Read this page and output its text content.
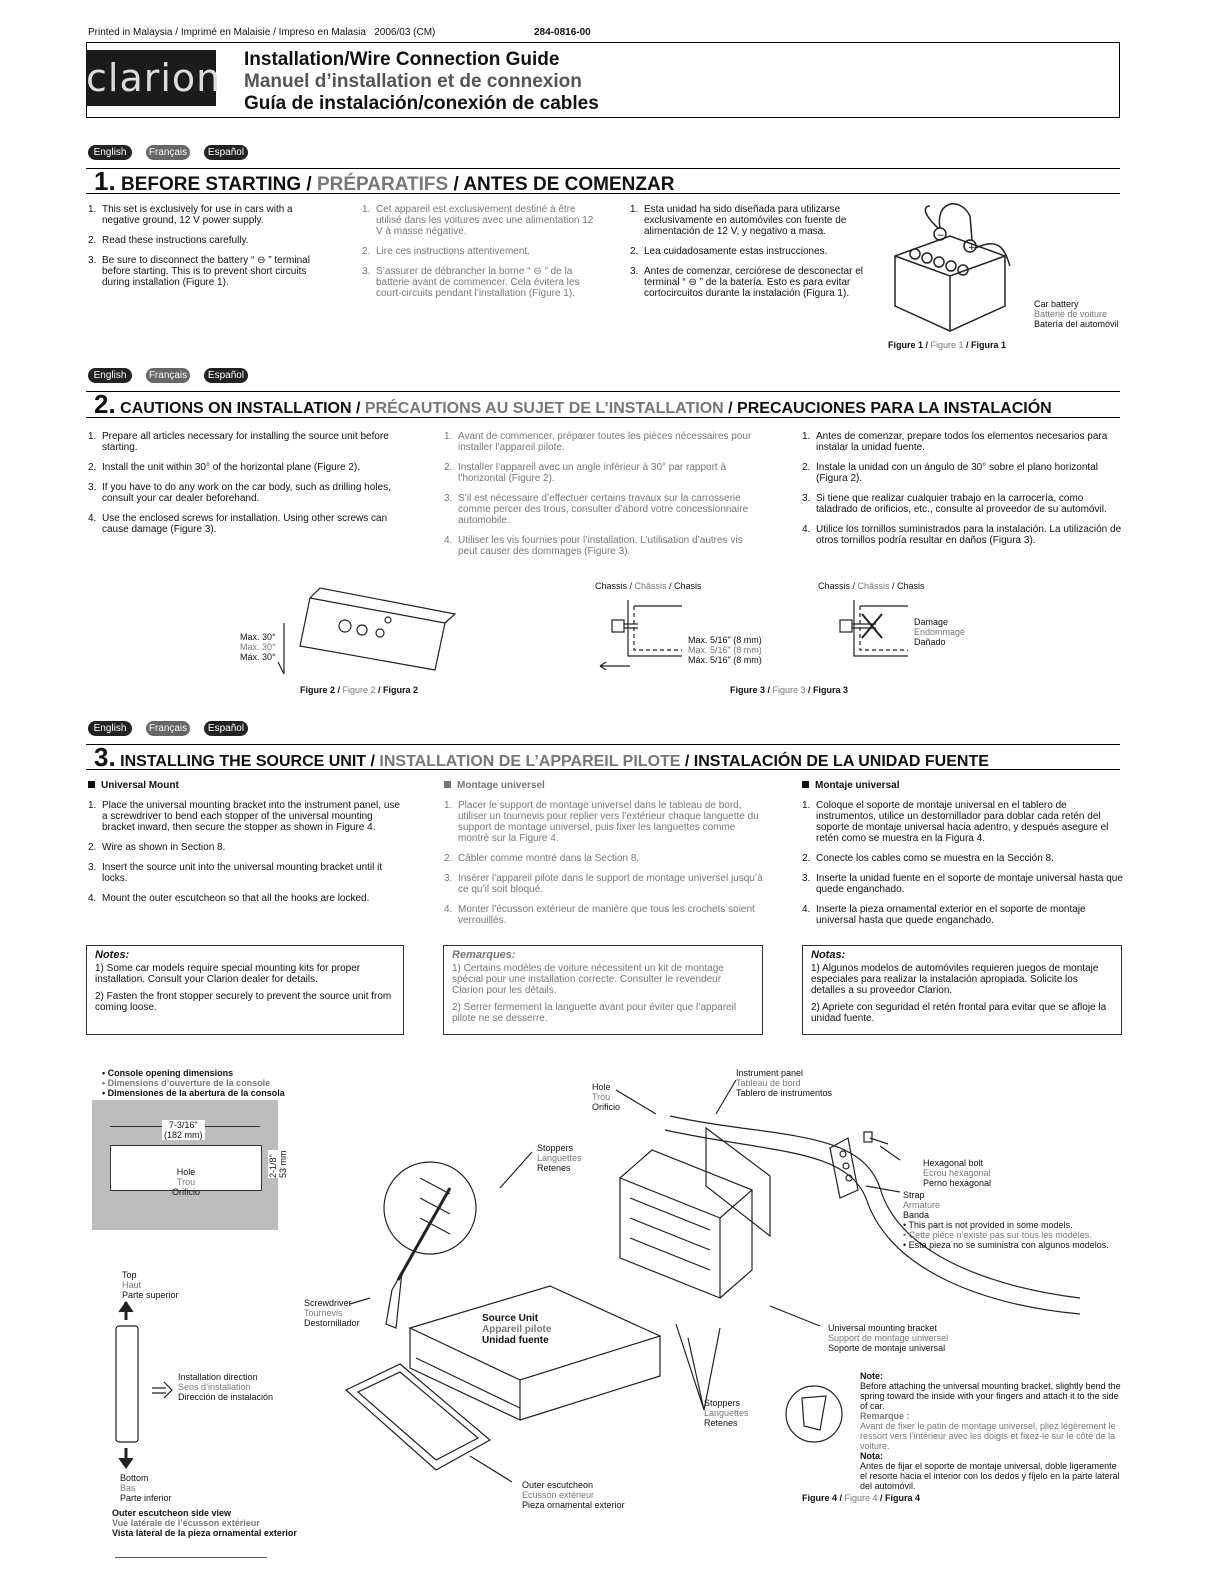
Printed in Malaysia / Imprimé en Malaisie / Impreso en Malasia 2006/03 (CM)	284-0816-00
clarion Installation/Wire Connection Guide
Manuel d’installation et de connexion
Guía de instalación/conexión de cables
English	Français	Español
1. BEFORE STARTING / PRÉPARATIFS / ANTES DE COMENZAR
1. This set is exclusively for use in cars with a negative ground, 12 V power supply.
2. Read these instructions carefully.
3. Be sure to disconnect the battery “ ⊖ ” terminal before starting. This is to prevent short circuits during installation (Figure 1).
1. Cet appareil est exclusivement destiné à être utilisé dans les voitures avec une alimentation 12 V à masse négative.
2. Lire ces instructions attentivement.
3. S’assurer de débrancher la borne “ ⊖ ” de la batterie avant de commencer. Cela évitera les court-circuits pendant l’installation (Figure 1).
1. Esta unidad ha sido diseñada para utilizarse exclusivamente en automóviles con fuente de alimentación de 12 V, y negativo a masa.
2. Lea cuidadosamente estas instrucciones.
3. Antes de comenzar, cerciórese de desconectar el terminal “ ⊖ ” de la batería. Esto es para evitar cortocircuitos durante la instalación (Figura 1).
+
−
Car battery
Batterie de voiture
Batería del automóvil
Figure 1 / Figure 1 / Figura 1
English	Français	Español
2. CAUTIONS ON INSTALLATION / PRÉCAUTIONS AU SUJET DE L’INSTALLATION / PRECAUCIONES PARA LA INSTALACIÓN
1. Prepare all articles necessary for installing the source unit before starting.
2. Install the unit within 30° of the horizontal plane (Figure 2).
3. If you have to do any work on the car body, such as drilling holes, consult your car dealer beforehand.
4. Use the enclosed screws for installation. Using other screws can cause damage (Figure 3).
1. Avant de commencer, préparer toutes les pièces nécessaires pour installer l’appareil pilote.
2. Installer l’appareil avec un angle inférieur à 30° par rapport à l’horizontal (Figure 2).
3. S’il est nécessaire d’effectuer certains travaux sur la carrosserie comme percer des trous, consulter d’abord votre concessionnaire automobile.
4. Utiliser les vis fournies pour l’installation. L’utilisation d’autres vis peut causer des dommages (Figure 3).
1. Antes de comenzar, prepare todos los elementos necesarios para instalar la unidad fuente.
2. Instale la unidad con un ángulo de 30° sobre el plano horizontal (Figura 2).
3. Si tiene que realizar cualquier trabajo en la carrocería, como taladrado de orificios, etc., consulte al proveedor de su automóvil.
4. Utilice los tornillos suministrados para la instalación. La utilización de otros tornillos podría resultar en daños (Figura 3).
Max. 30°
Max. 30°
Máx. 30°
Figure 2 / Figure 2 / Figura 2
Chassis / Châssis / Chasis
Max. 5/16" (8 mm)
Max. 5/16" (8 mm)
Máx. 5/16" (8 mm)
Chassis / Châssis / Chasis
Damage
Endommagé
Dañado
Figure 3 / Figure 3 / Figura 3
English	Français	Español
3. INSTALLING THE SOURCE UNIT / INSTALLATION DE L’APPAREIL PILOTE / INSTALACIÓN DE LA UNIDAD FUENTE
Universal Mount	Montage universel	Montaje universal
1. Place the universal mounting bracket into the instrument panel, use a screwdriver to bend each stopper of the universal mounting bracket inward, then secure the stopper as shown in Figure 4.
2. Wire as shown in Section 8.
3. Insert the source unit into the universal mounting bracket until it locks.
4. Mount the outer escutcheon so that all the hooks are locked.
1. Placer le support de montage universel dans le tableau de bord, utiliser un tournevis pour replier vers l’extérieur chaque languette du support de montage universel, puis fixer les languettes comme montré sur la Figure 4.
2. Câbler comme montré dans la Section 8.
3. Insérer l’appareil pilote dans le support de montage universel jusqu’à ce qu’il soit bloqué.
4. Monter l’écusson extérieur de manière que tous les crochets soient verrouillés.
1. Coloque el soporte de montaje universal en el tablero de instrumentos, utilice un destornillador para doblar cada retén del soporte de montaje universal hacia adentro, y después asegure el retén como se muestra en la Figura 4.
2. Conecte los cables como se muestra en la Sección 8.
3. Inserte la unidad fuente en el soporte de montaje universal hasta que quede enganchado.
4. Inserte la pieza ornamental exterior en el soporte de montaje universal hasta que quede enganchado.
Notes:

1) Some car models require special mounting kits for proper installation. Consult your Clarion dealer for details.

2) Fasten the front stopper securely to prevent the source unit from coming loose.

Remarques:

1) Certains modèles de voiture nécessitent un kit de montage spécial pour une installation correcte. Consulter le revendeur Clarion pour les détails.

2) Serrer fermement la languette avant pour éviter que l’appareil pilote ne se desserre.

Notas:

1) Algunos modelos de automóviles requieren juegos de montaje especiales para realizar la instalación apropiada. Solicite los detalles a su proveedor Clarion.

2) Apriete con seguridad el retén frontal para evitar que se afloje la unidad fuente.

• Console opening dimensions
• Dimensions d’ouverture de la console
• Dimensiones de la abertura de la consola
7-3/16"
(182 mm)
Hole
Trou
Orificio
2-1/8" 53 mm
Top
Haut
Parte superior
Installation direction
Sens d’installation
Dirección de instalación
Bottom
Bas
Parte inferior
Outer escutcheon side view
Vue latérale de l’écusson extérieur
Vista lateral de la pieza ornamental exterior
Hole
Trou
Orificio
Instrument panel
Tableau de bord
Tablero de instrumentos
Stoppers
Languettes
Retenes	Hexagonal bolt
Ecrou hexagonal
Perno hexagonal
Strap
Armature
Banda
• This part is not provided in some models.
• Cette pièce n’existe pas sur tous les modèles.
• Esta pieza no se suministra con algunos modelos.
Screwdriver
Tournevis
Destornillador	Source Unit
Appareil pilote
Unidad fuente
Universal mounting bracket
Support de montage universel
Soporte de montaje universal
Stoppers
Languettes
Retenes
Note:
Before attaching the universal mounting bracket, slightly bend the spring toward the inside with your fingers and attach it to the side of car.
Remarque :
Avant de fixer le patin de montage universel, pliez légèrement le ressort vers l’intérieur avec les doigts et fixez-le sur le côté de la voiture.
Nota:
Antes de fijar el soporte de montaje universal, doble ligeramente el resorte hacia el interior con los dedos y fíjelo en la parte lateral del automóvil.
Outer escutcheon
Ecusson extérieur
Pieza ornamental exterior
Figure 4 / Figure 4 / Figura 4
